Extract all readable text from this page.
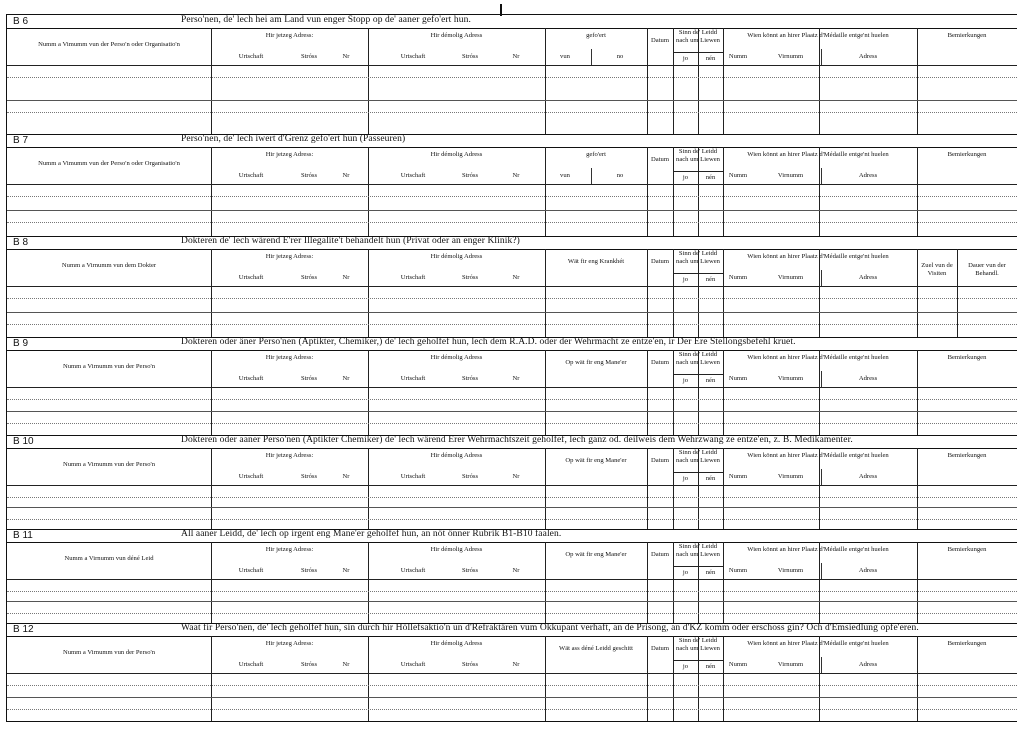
B 6	Perso'nen, de' lech hei am Land vun enger Stopp op de' aaner gefo'ert hun.
Numm a Vimumm vun der Perso'n oder Organisatio'n
Hir jetzeg Adress:
Urtschaft	Stróss	Nr
Hir démolig Adress
Urtschaft	Stróss	Nr
gefo'ert
vun	no
Datum
Sinn de' Leidd nach um Liewen
jo	nén
Wien könnt an hirer Plaatz d'Médaille entge'nt huelen
Numm	Virnumm	Adress
Bemierkungen
B 7	Perso'nen, de' lech iwert d'Grenz gefo'ert hun (Passeuren)
Numm a Vimumm vun der Perso'n oder Organisatio'n
Hir jetzeg Adress:
Urtschaft	Stróss	Nr
Hir démolig Adress
Urtschaft	Stróss	Nr
gefo'ert
vun	no
Datum
Sinn de' Leidd nach um Liewen
jo	nén
Wien könnt an hirer Plaatz d'Médaille entge'nt huelen
Numm	Virnumm	Adress
Bemierkungen
B 8	Dokteren de' lech wärend E'rer Illegalite't behandelt hun (Privat oder an enger Klinik?)
Numm a Virnumm vun dem Dokter
Hir jetzeg Adress:
Urtschaft	Stróss	Nr
Hir démolig Adress
Urtschaft	Stróss	Nr
Wät fir eng Krankhét	Datum
Sinn de' Leidd nach um Liewen
jo	nén
Wien könnt an hirer Plaatz d'Médaille entge'nt huelen
Numm	Virnumm	Adress
Zuel vun de Visiten
Dauer vun der Behandl.
B 9	Dokteren oder äner Perso'nen (Aptikter, Chemiker,) de' lech geholfef hun, lech dem R.A.D. oder der Wehrmacht ze entze'en, ir Der Ere Stellongsbefehl kruet.
Numm a Virnumm vun der Perso'n
Hir jetzeg Adress:
Urtschaft	Stróss	Nr
Hir démolig Adress
Urtschaft	Stróss	Nr
Op wät fir eng Mane'er	Datum
Sinn de' Leidd nach um Liewen
jo	nén
Wien könnt an hirer Plaatz d'Médaille entge'nt huelen
Numm	Virnumm	Adress
Bemierkungen
B 10	Dokteren oder aaner Perso'nen (Aptikter Chemiker) de' lech wärend Erer Wehrmachtszeit geholfef, lech ganz od. deilweis dem Wehrzwang ze entze'en, z. B. Medikamenter.
Numm a Virnumm vun der Perso'n
Hir jetzeg Adress:
Urtschaft	Stróss	Nr
Hir démolig Adress
Urtschaft	Stróss	Nr
Op wät fir eng Mane'er	Datum
Sinn de' Leidd nach um Liewen
jo	nén
Wien könnt an hirer Plaatz d'Médaille entge'nt huelen
Numm	Virnumm	Adress
Bemierkungen
B 11	All aaner Leidd, de' lech op irgent eng Mane'er geholfef hun, an nöt önner Rubrik B1-B10 faalen.
Numm a Virnumm vun déné Leid
Hir jetzeg Adress:
Urtschaft	Stróss	Nr
Hir démolig Adress
Urtschaft	Stróss	Nr
Op wät fir eng Mane'er	Datum
Sinn de' Leidd nach um Liewen
jo	nén
Wien könnt an hirer Plaatz d'Médaille entge'nt huelen
Numm	Virnumm	Adress
Bemierkungen
B 12	Waat fir Perso'nen, de' lech geholfef hun, sin durch hir Höllefsaktio'n un d'Refraktären vum Okkupant verhaft, an de Prisong, an d'KZ komm oder erschoss gin? Och d'Emsiedlung opfe'eren.
Numm a Virnumm vun der Perso'n
Hir jetzeg Adress:
Urtschaft	Stróss	Nr
Hir démolig Adress
Urtschaft	Stróss	Nr
Wät ass déné Leidd geschitt	Datum
Sinn de' Leidd nach um Liewen
jo	nén
Wien könnt an hirer Plaatz d'Médaille entge'nt huelen
Numm	Virnumm	Adress
Bemierkungen
